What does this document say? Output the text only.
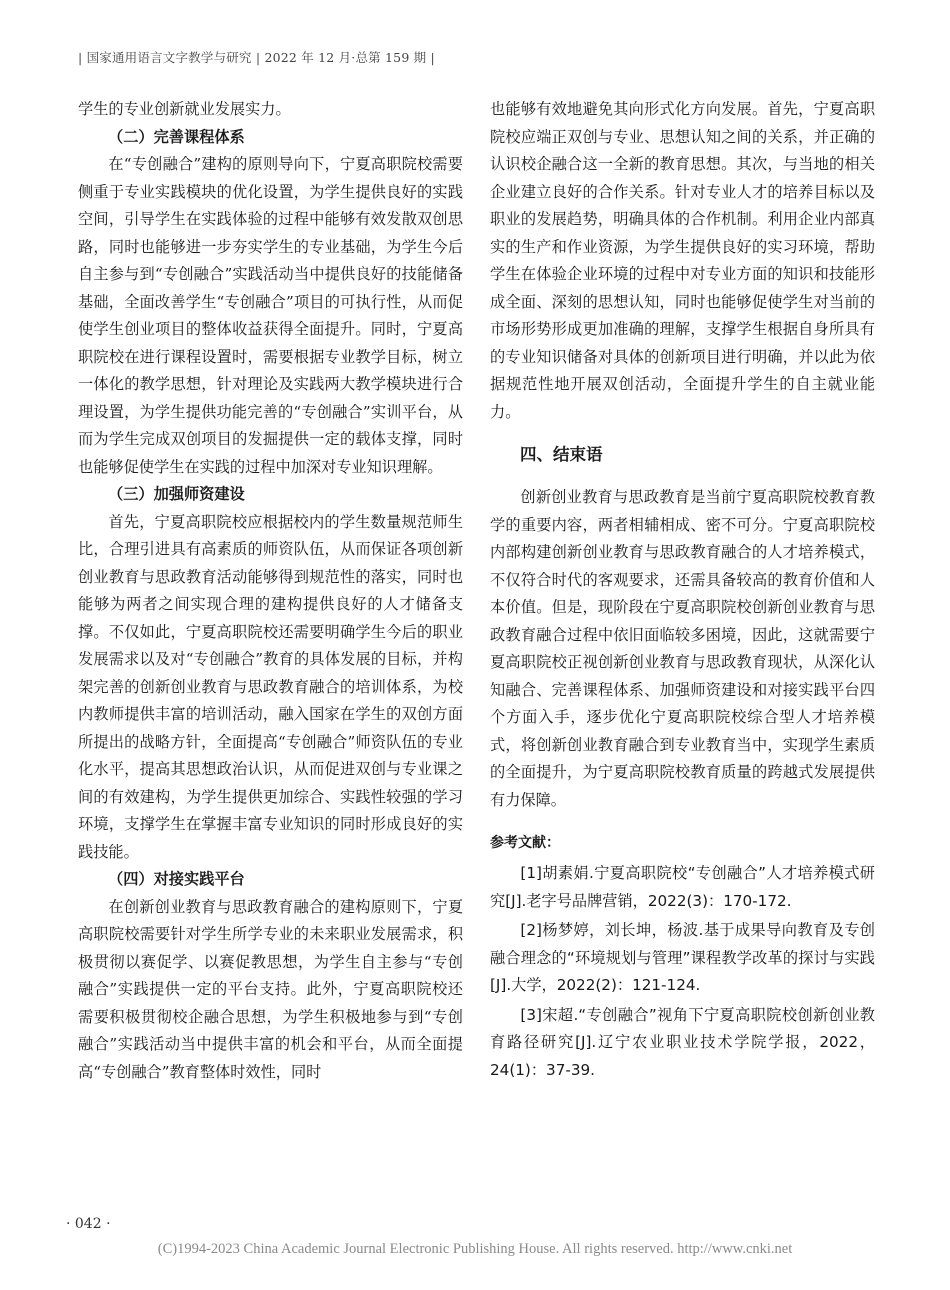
| 国家通用语言文字教学与研究 | 2022 年 12 月·总第 159 期 |

学生的专业创新就业发展实力。

（二）完善课程体系

在“专创融合”建构的原则导向下，宁夏高职院校需要侧重于专业实践模块的优化设置，为学生提供良好的实践空间，引导学生在实践体验的过程中能够有效发散双创思路，同时也能够进一步夯实学生的专业基础，为学生今后自主参与到“专创融合”实践活动当中提供良好的技能储备基础，全面改善学生“专创融合”项目的可执行性，从而促使学生创业项目的整体收益获得全面提升。同时，宁夏高职院校在进行课程设置时，需要根据专业教学目标，树立一体化的教学思想，针对理论及实践两大教学模块进行合理设置，为学生提供功能完善的“专创融合”实训平台，从而为学生完成双创项目的发掘提供一定的载体支撑，同时也能够促使学生在实践的过程中加深对专业知识理解。

（三）加强师资建设

首先，宁夏高职院校应根据校内的学生数量规范师生比，合理引进具有高素质的师资队伍，从而保证各项创新创业教育与思政教育活动能够得到规范性的落实，同时也能够为两者之间实现合理的建构提供良好的人才储备支撑。不仅如此，宁夏高职院校还需要明确学生今后的职业发展需求以及对“专创融合”教育的具体发展的目标，并构架完善的创新创业教育与思政教育融合的培训体系，为校内教师提供丰富的培训活动，融入国家在学生的双创方面所提出的战略方针，全面提高“专创融合”师资队伍的专业化水平，提高其思想政治认识，从而促进双创与专业课之间的有效建构，为学生提供更加综合、实践性较强的学习环境，支撑学生在掌握丰富专业知识的同时形成良好的实践技能。

（四）对接实践平台

在创新创业教育与思政教育融合的建构原则下，宁夏高职院校需要针对学生所学专业的未来职业发展需求，积极贯彻以赛促学、以赛促教思想，为学生自主参与“专创融合”实践提供一定的平台支持。此外，宁夏高职院校还需要积极贯彻校企融合思想，为学生积极地参与到“专创融合”实践活动当中提供丰富的机会和平台，从而全面提高“专创融合”教育整体时效性，同时

也能够有效地避免其向形式化方向发展。首先，宁夏高职院校应端正双创与专业、思想认知之间的关系，并正确的认识校企融合这一全新的教育思想。其次，与当地的相关企业建立良好的合作关系。针对专业人才的培养目标以及职业的发展趋势，明确具体的合作机制。利用企业内部真实的生产和作业资源，为学生提供良好的实习环境，帮助学生在体验企业环境的过程中对专业方面的知识和技能形成全面、深刻的思想认知，同时也能够促使学生对当前的市场形势形成更加准确的理解，支撑学生根据自身所具有的专业知识储备对具体的创新项目进行明确，并以此为依据规范性地开展双创活动，全面提升学生的自主就业能力。

四、结束语

创新创业教育与思政教育是当前宁夏高职院校教育教学的重要内容，两者相辅相成、密不可分。宁夏高职院校内部构建创新创业教育与思政教育融合的人才培养模式，不仅符合时代的客观要求，还需具备较高的教育价值和人本价值。但是，现阶段在宁夏高职院校创新创业教育与思政教育融合过程中依旧面临较多困境，因此，这就需要宁夏高职院校正视创新创业教育与思政教育现状，从深化认知融合、完善课程体系、加强师资建设和对接实践平台四个方面入手，逐步优化宁夏高职院校综合型人才培养模式，将创新创业教育融合到专业教育当中，实现学生素质的全面提升，为宁夏高职院校教育质量的跨越式发展提供有力保障。

参考文献：

[1]胡素娟.宁夏高职院校“专创融合”人才培养模式研究[J].老字号品牌营销，2022(3)：170-172.

[2]杨梦婷，刘长坤，杨波.基于成果导向教育及专创融合理念的“环境规划与管理”课程教学改革的探讨与实践[J].大学，2022(2)：121-124.

[3]宋超.“专创融合”视角下宁夏高职院校创新创业教育路径研究[J].辽宁农业职业技术学院学报，2022，24(1)：37-39.

· 042 ·
(C)1994-2023 China Academic Journal Electronic Publishing House. All rights reserved. http://www.cnki.net
